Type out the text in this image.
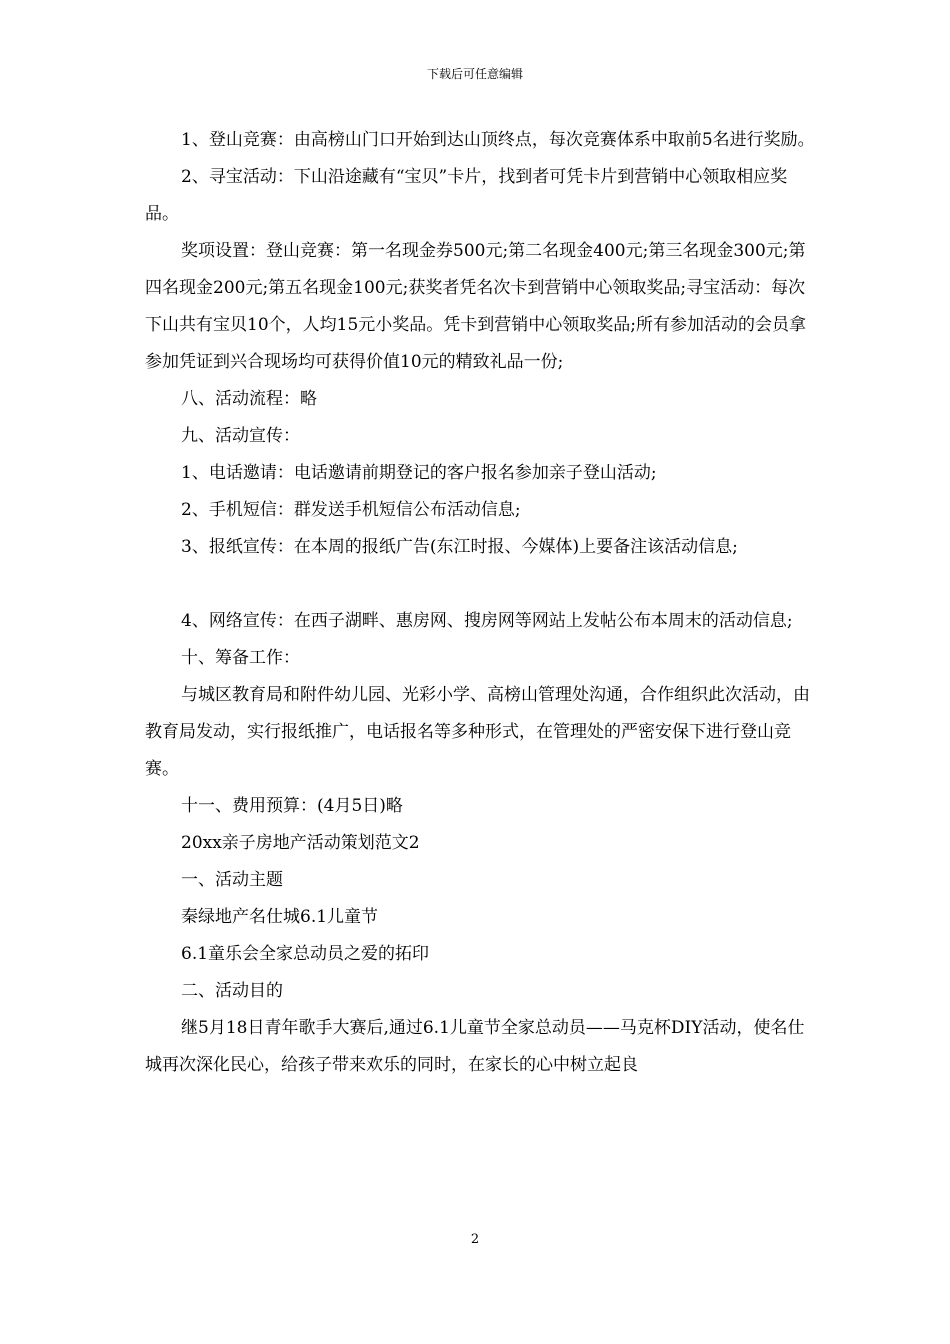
下载后可任意编辑

1、登山竞赛：由高榜山门口开始到达山顶终点，每次竞赛体系中取前5名进行奖励。

2、寻宝活动：下山沿途藏有“宝贝”卡片，找到者可凭卡片到营销中心领取相应奖品。

奖项设置：登山竞赛：第一名现金券500元;第二名现金400元;第三名现金300元;第四名现金200元;第五名现金100元;获奖者凭名次卡到营销中心领取奖品;寻宝活动：每次下山共有宝贝10个，人均15元小奖品。凭卡到营销中心领取奖品;所有参加活动的会员拿参加凭证到兴合现场均可获得价值10元的精致礼品一份;

八、活动流程：略

九、活动宣传：

1、电话邀请：电话邀请前期登记的客户报名参加亲子登山活动;

2、手机短信：群发送手机短信公布活动信息;

3、报纸宣传：在本周的报纸广告(东江时报、今媒体)上要备注该活动信息;

4、网络宣传：在西子湖畔、惠房网、搜房网等网站上发帖公布本周末的活动信息;

十、筹备工作：

与城区教育局和附件幼儿园、光彩小学、高榜山管理处沟通，合作组织此次活动，由教育局发动，实行报纸推广，电话报名等多种形式，在管理处的严密安保下进行登山竞赛。

十一、费用预算：(4月5日)略

20xx亲子房地产活动策划范文2

一、活动主题

秦绿地产名仕城6.1儿童节

6.1童乐会全家总动员之爱的拓印

二、活动目的

继5月18日青年歌手大赛后,通过6.1儿童节全家总动员——马克杯DIY活动，使名仕城再次深化民心，给孩子带来欢乐的同时，在家长的心中树立起良

2
